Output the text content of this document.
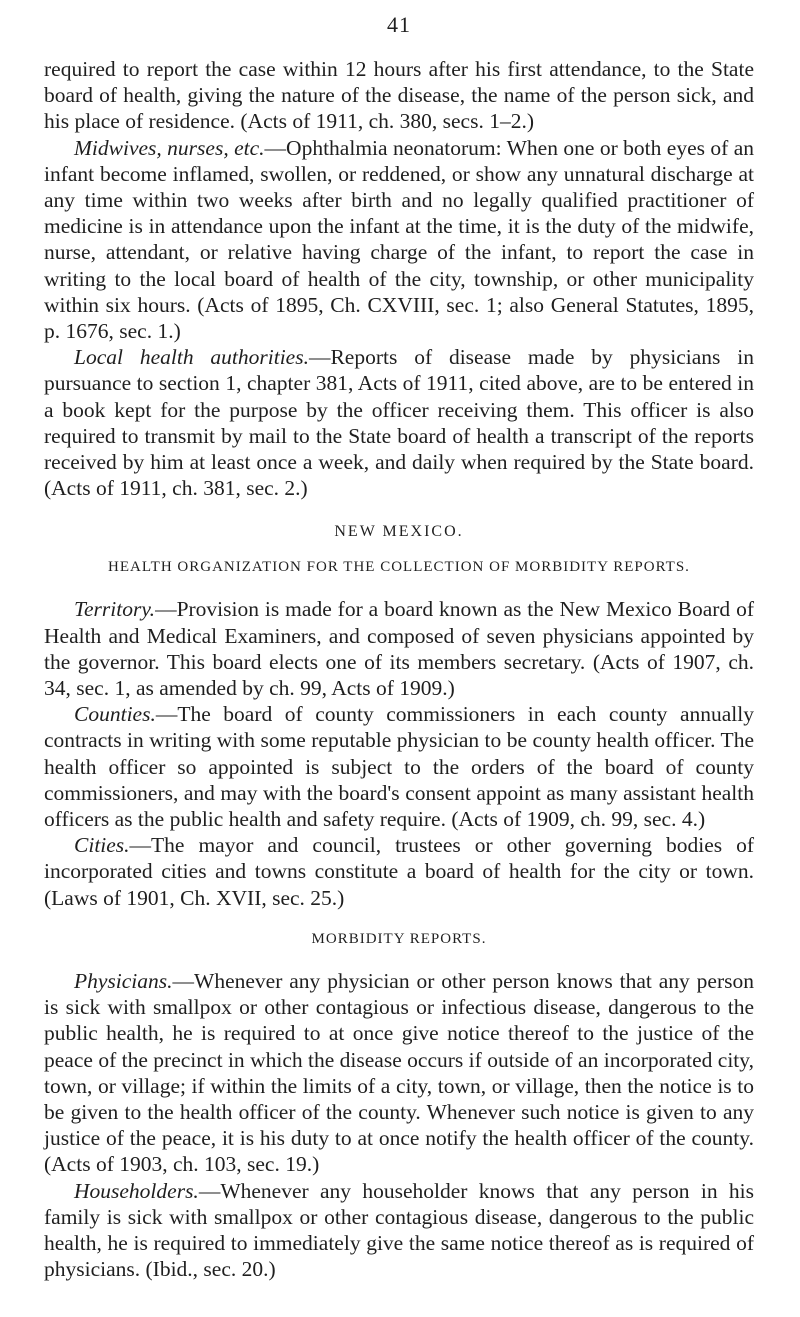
41

required to report the case within 12 hours after his first attendance, to the State board of health, giving the nature of the disease, the name of the person sick, and his place of residence. (Acts of 1911, ch. 380, secs. 1–2.)

Midwives, nurses, etc.—Ophthalmia neonatorum: When one or both eyes of an infant become inflamed, swollen, or reddened, or show any unnatural discharge at any time within two weeks after birth and no legally qualified practitioner of medicine is in attendance upon the infant at the time, it is the duty of the midwife, nurse, attendant, or relative having charge of the infant, to report the case in writing to the local board of health of the city, township, or other municipality within six hours. (Acts of 1895, Ch. CXVIII, sec. 1; also General Statutes, 1895, p. 1676, sec. 1.)

Local health authorities.—Reports of disease made by physicians in pursuance to section 1, chapter 381, Acts of 1911, cited above, are to be entered in a book kept for the purpose by the officer receiving them. This officer is also required to transmit by mail to the State board of health a transcript of the reports received by him at least once a week, and daily when required by the State board. (Acts of 1911, ch. 381, sec. 2.)

NEW MEXICO.
HEALTH ORGANIZATION FOR THE COLLECTION OF MORBIDITY REPORTS.

Territory.—Provision is made for a board known as the New Mexico Board of Health and Medical Examiners, and composed of seven physicians appointed by the governor. This board elects one of its members secretary. (Acts of 1907, ch. 34, sec. 1, as amended by ch. 99, Acts of 1909.)

Counties.—The board of county commissioners in each county annually contracts in writing with some reputable physician to be county health officer. The health officer so appointed is subject to the orders of the board of county commissioners, and may with the board's consent appoint as many assistant health officers as the public health and safety require. (Acts of 1909, ch. 99, sec. 4.)

Cities.—The mayor and council, trustees or other governing bodies of incorporated cities and towns constitute a board of health for the city or town. (Laws of 1901, Ch. XVII, sec. 25.)

MORBIDITY REPORTS.

Physicians.—Whenever any physician or other person knows that any person is sick with smallpox or other contagious or infectious disease, dangerous to the public health, he is required to at once give notice thereof to the justice of the peace of the precinct in which the disease occurs if outside of an incorporated city, town, or village; if within the limits of a city, town, or village, then the notice is to be given to the health officer of the county. Whenever such notice is given to any justice of the peace, it is his duty to at once notify the health officer of the county. (Acts of 1903, ch. 103, sec. 19.)

Householders.—Whenever any householder knows that any person in his family is sick with smallpox or other contagious disease, dangerous to the public health, he is required to immediately give the same notice thereof as is required of physicians. (Ibid., sec. 20.)
